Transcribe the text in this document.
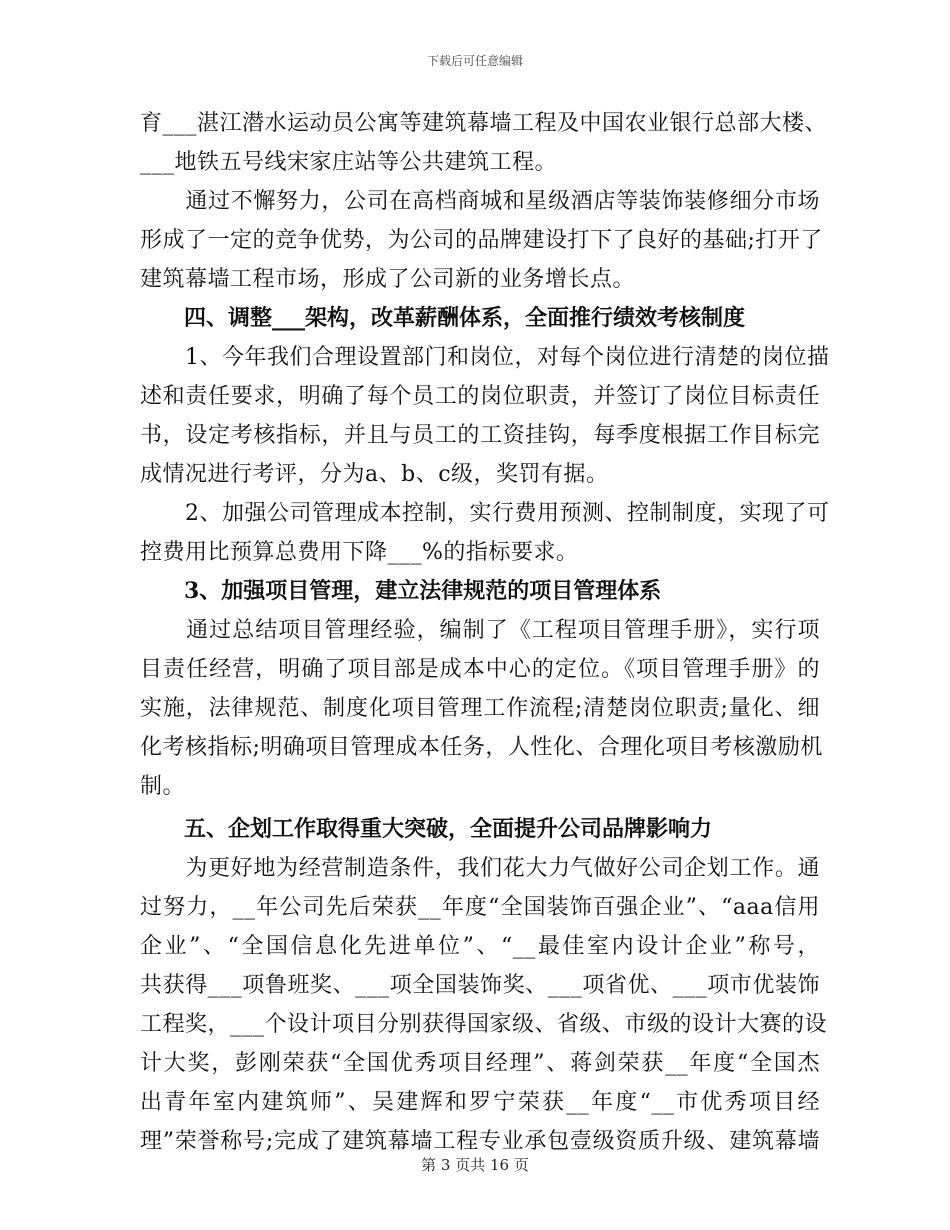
下载后可任意编辑

育___湛江潜水运动员公寓等建筑幕墙工程及中国农业银行总部大楼、

___地铁五号线宋家庄站等公共建筑工程。

　　通过不懈努力，公司在高档商城和星级酒店等装饰装修细分市场

形成了一定的竞争优势，为公司的品牌建设打下了良好的基础;打开了

建筑幕墙工程市场，形成了公司新的业务增长点。

四、调整___架构，改革薪酬体系，全面推行绩效考核制度

　　1、今年我们合理设置部门和岗位，对每个岗位进行清楚的岗位描

述和责任要求，明确了每个员工的岗位职责，并签订了岗位目标责任

书，设定考核指标，并且与员工的工资挂钩，每季度根据工作目标完

成情况进行考评，分为a、b、c级，奖罚有据。

　　2、加强公司管理成本控制，实行费用预测、控制制度，实现了可

控费用比预算总费用下降___%的指标要求。

3、加强项目管理，建立法律规范的项目管理体系

　　通过总结项目管理经验，编制了《工程项目管理手册》，实行项

目责任经营，明确了项目部是成本中心的定位。《项目管理手册》的

实施，法律规范、制度化项目管理工作流程;清楚岗位职责;量化、细

化考核指标;明确项目管理成本任务，人性化、合理化项目考核激励机

制。

五、企划工作取得重大突破，全面提升公司品牌影响力

　　为更好地为经营制造条件，我们花大力气做好公司企划工作。通

过努力，__年公司先后荣获__年度“全国装饰百强企业”、“aaa信用

企业”、“全国信息化先进单位”、“__最佳室内设计企业”称号，

共获得___项鲁班奖、___项全国装饰奖、___项省优、___项市优装饰

工程奖，___个设计项目分别获得国家级、省级、市级的设计大赛的设

计大奖，彭刚荣获“全国优秀项目经理”、蒋剑荣获__年度“全国杰

出青年室内建筑师”、吴建辉和罗宁荣获__年度“__市优秀项目经

理”荣誉称号;完成了建筑幕墙工程专业承包壹级资质升级、建筑幕墙

第 3 页共 16 页
